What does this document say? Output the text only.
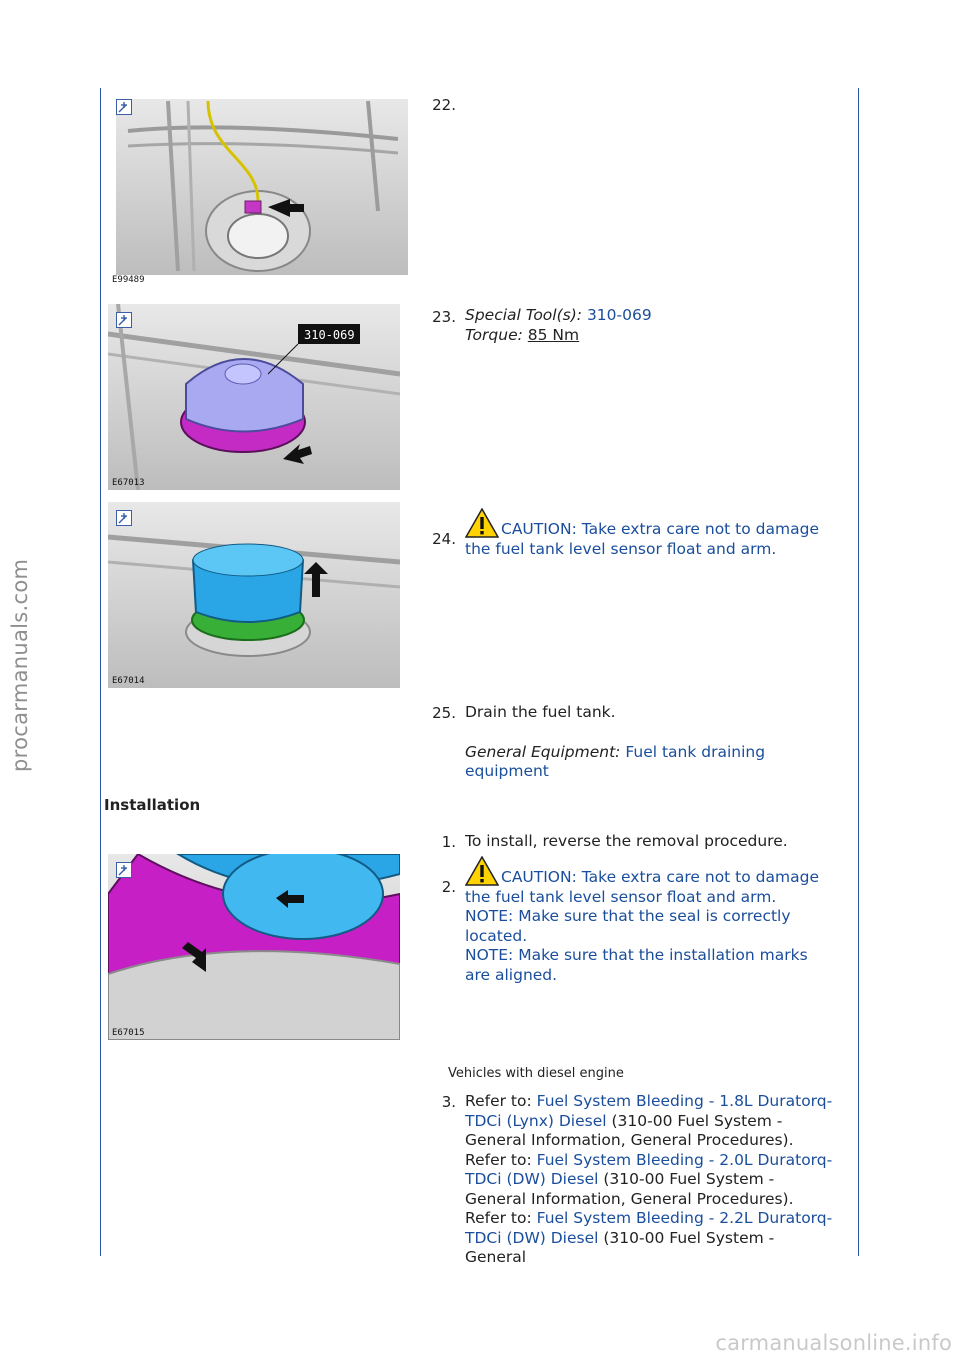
procarmanuals.com
carmanualsonline.info
E99489
22.
310-069
E67013
23. Special Tool(s): 310-069
Torque: 85 Nm
E67014
24.
CAUTION: Take extra care not to damage the fuel tank level sensor float and arm.
25. Drain the fuel tank.
General Equipment: Fuel tank draining equipment
Installation
1. To install, reverse the removal procedure.
E67015
2.
CAUTION: Take extra care not to damage the fuel tank level sensor float and arm.
NOTE: Make sure that the seal is correctly located.
NOTE: Make sure that the installation marks are aligned.
Vehicles with diesel engine
3. Refer to: Fuel System Bleeding - 1.8L Duratorq-TDCi (Lynx) Diesel (310-00 Fuel System - General Information, General Procedures).
Refer to: Fuel System Bleeding - 2.0L Duratorq-TDCi (DW) Diesel (310-00 Fuel System - General Information, General Procedures).
Refer to: Fuel System Bleeding - 2.2L Duratorq-TDCi (DW) Diesel (310-00 Fuel System - General
